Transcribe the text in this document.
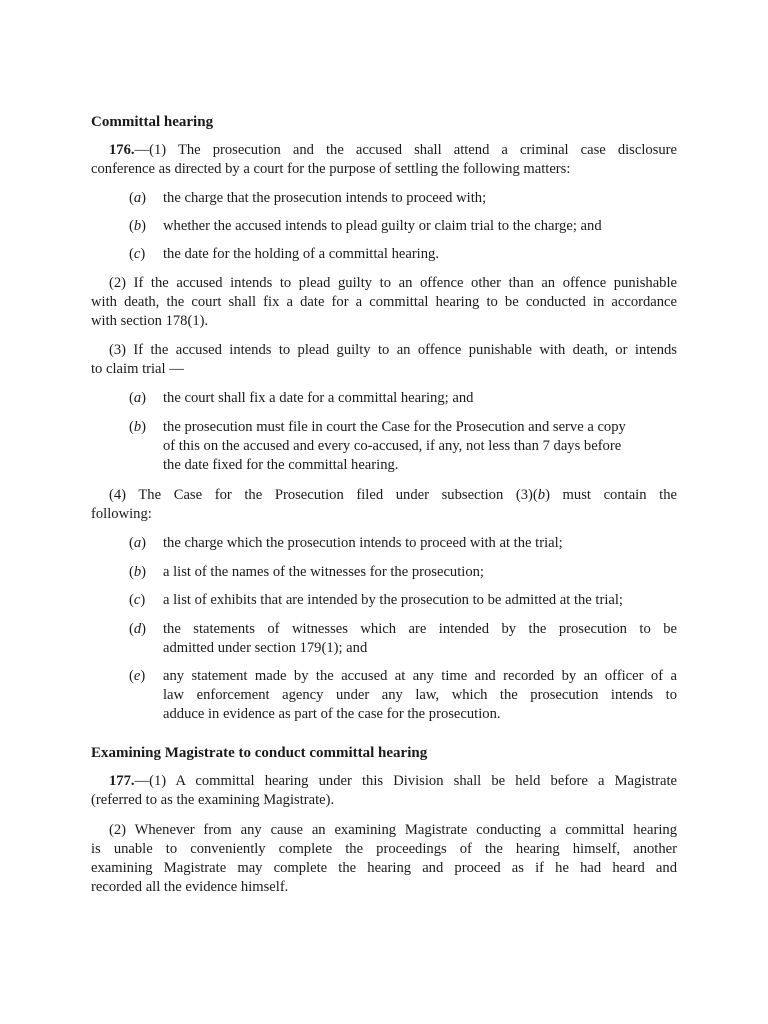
Committal hearing
176.—(1) The prosecution and the accused shall attend a criminal case disclosure
conference as directed by a court for the purpose of settling the following matters:
(a)	the charge that the prosecution intends to proceed with;
(b)	whether the accused intends to plead guilty or claim trial to the charge; and
(c)	the date for the holding of a committal hearing.
(2) If the accused intends to plead guilty to an offence other than an offence punishable
with death, the court shall fix a date for a committal hearing to be conducted in accordance
with section 178(1).
(3) If the accused intends to plead guilty to an offence punishable with death, or intends
to claim trial —
(a)	the court shall fix a date for a committal hearing; and
(b)	the prosecution must file in court the Case for the Prosecution and serve a copy
of this on the accused and every co-accused, if any, not less than 7 days before
the date fixed for the committal hearing.
(4) The Case for the Prosecution filed under subsection (3)(b) must contain the
following:
(a)	the charge which the prosecution intends to proceed with at the trial;
(b)	a list of the names of the witnesses for the prosecution;
(c)	a list of exhibits that are intended by the prosecution to be admitted at the trial;
(d)	the statements of witnesses which are intended by the prosecution to be
admitted under section 179(1); and
(e)	any statement made by the accused at any time and recorded by an officer of a
law enforcement agency under any law, which the prosecution intends to
adduce in evidence as part of the case for the prosecution.
Examining Magistrate to conduct committal hearing
177.—(1) A committal hearing under this Division shall be held before a Magistrate
(referred to as the examining Magistrate).
(2) Whenever from any cause an examining Magistrate conducting a committal hearing
is unable to conveniently complete the proceedings of the hearing himself, another
examining Magistrate may complete the hearing and proceed as if he had heard and
recorded all the evidence himself.
